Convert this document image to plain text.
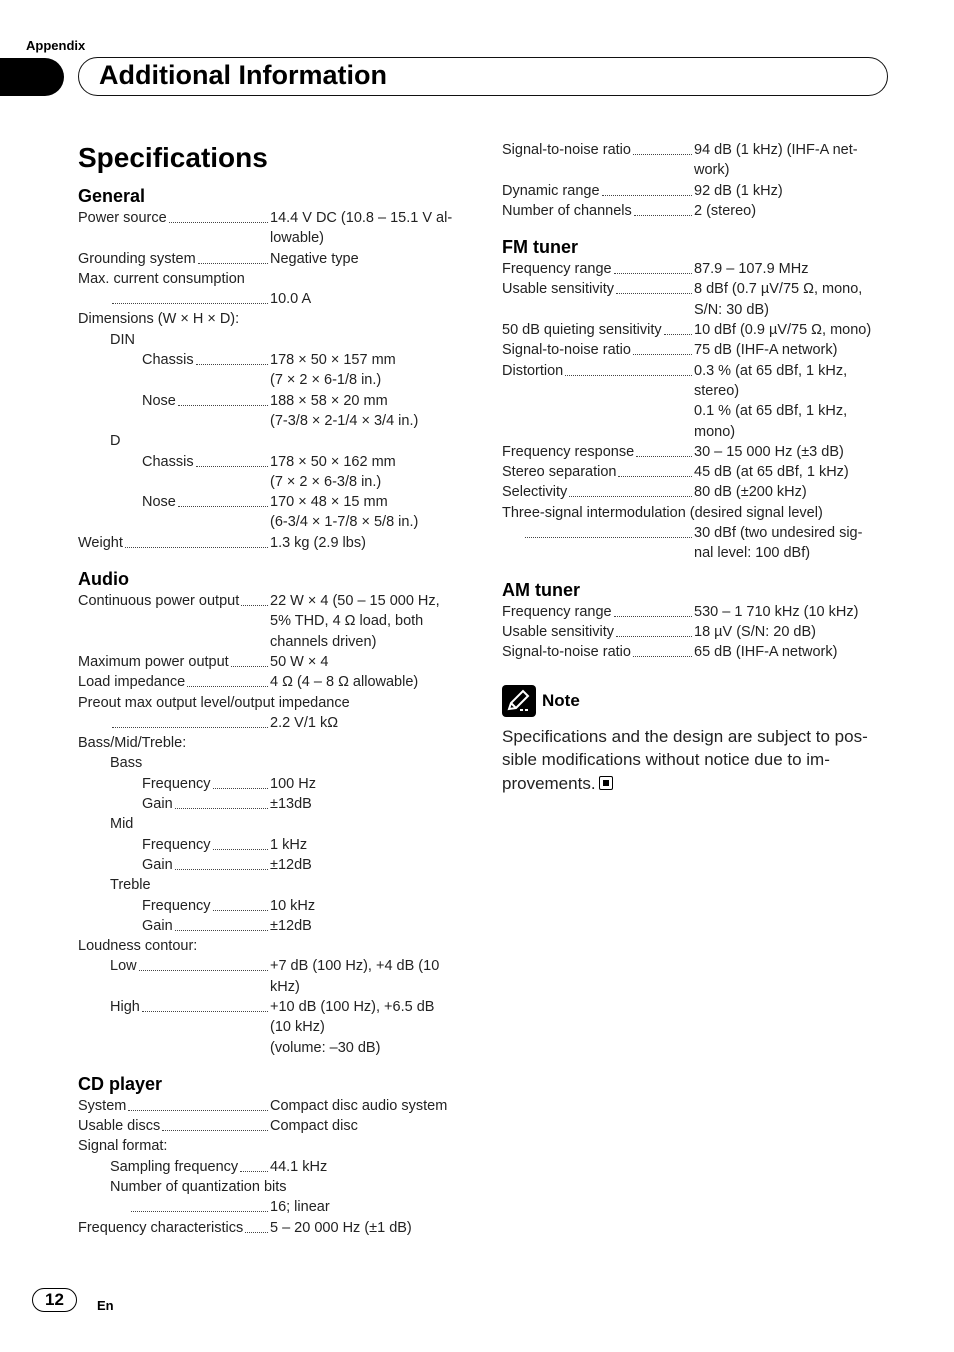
Appendix
Additional Information
Specifications
General
Power source	14.4 V DC (10.8 – 15.1 V al-
lowable)
Grounding system	Negative type
Max. current consumption
10.0 A
Dimensions (W × H × D):
DIN
Chassis	178 × 50 × 157 mm
(7 × 2 × 6-1/8 in.)
Nose	188 × 58 × 20 mm
(7-3/8 × 2-1/4 × 3/4 in.)
D
Chassis	178 × 50 × 162 mm
(7 × 2 × 6-3/8 in.)
Nose	170 × 48 × 15 mm
(6-3/4 × 1-7/8 × 5/8 in.)
Weight	1.3 kg (2.9 lbs)
Audio
Continuous power output 22 W × 4 (50 – 15 000 Hz,
5% THD, 4 Ω load, both
channels driven)
Maximum power output	50 W × 4
Load impedance	4 Ω (4 – 8 Ω allowable)
Preout max output level/output impedance
2.2 V/1 kΩ
Bass/Mid/Treble:
Bass
Frequency	100 Hz
Gain	±13dB
Mid
Frequency	1 kHz
Gain	±12dB
Treble
Frequency	10 kHz
Gain	±12dB
Loudness contour:
Low	+7 dB (100 Hz), +4 dB (10
kHz)
High	+10 dB (100 Hz), +6.5 dB
(10 kHz)
(volume: –30 dB)
CD player
System	Compact disc audio system
Usable discs	Compact disc
Signal format:
Sampling frequency 44.1 kHz
Number of quantization bits
16; linear
Frequency characteristics 5 – 20 000 Hz (±1 dB)
Signal-to-noise ratio	94 dB (1 kHz) (IHF-A net-
work)
Dynamic range	92 dB (1 kHz)
Number of channels	2 (stereo)
FM tuner
Frequency range	87.9 – 107.9 MHz
Usable sensitivity	8 dBf (0.7 µV/75 Ω, mono,
S/N: 30 dB)
50 dB quieting sensitivity 10 dBf (0.9 µV/75 Ω, mono)
Signal-to-noise ratio	75 dB (IHF-A network)
Distortion	0.3 % (at 65 dBf, 1 kHz,
stereo)
0.1 % (at 65 dBf, 1 kHz,
mono)
Frequency response	30 – 15 000 Hz (±3 dB)
Stereo separation	45 dB (at 65 dBf, 1 kHz)
Selectivity	80 dB (±200 kHz)
Three-signal intermodulation (desired signal level)
30 dBf (two undesired sig-
nal level: 100 dBf)
AM tuner
Frequency range	530 – 1 710 kHz (10 kHz)
Usable sensitivity	18 µV (S/N: 20 dB)
Signal-to-noise ratio	65 dB (IHF-A network)
Note
Specifications and the design are subject to pos-sible modifications without notice due to im-provements.
12	En
